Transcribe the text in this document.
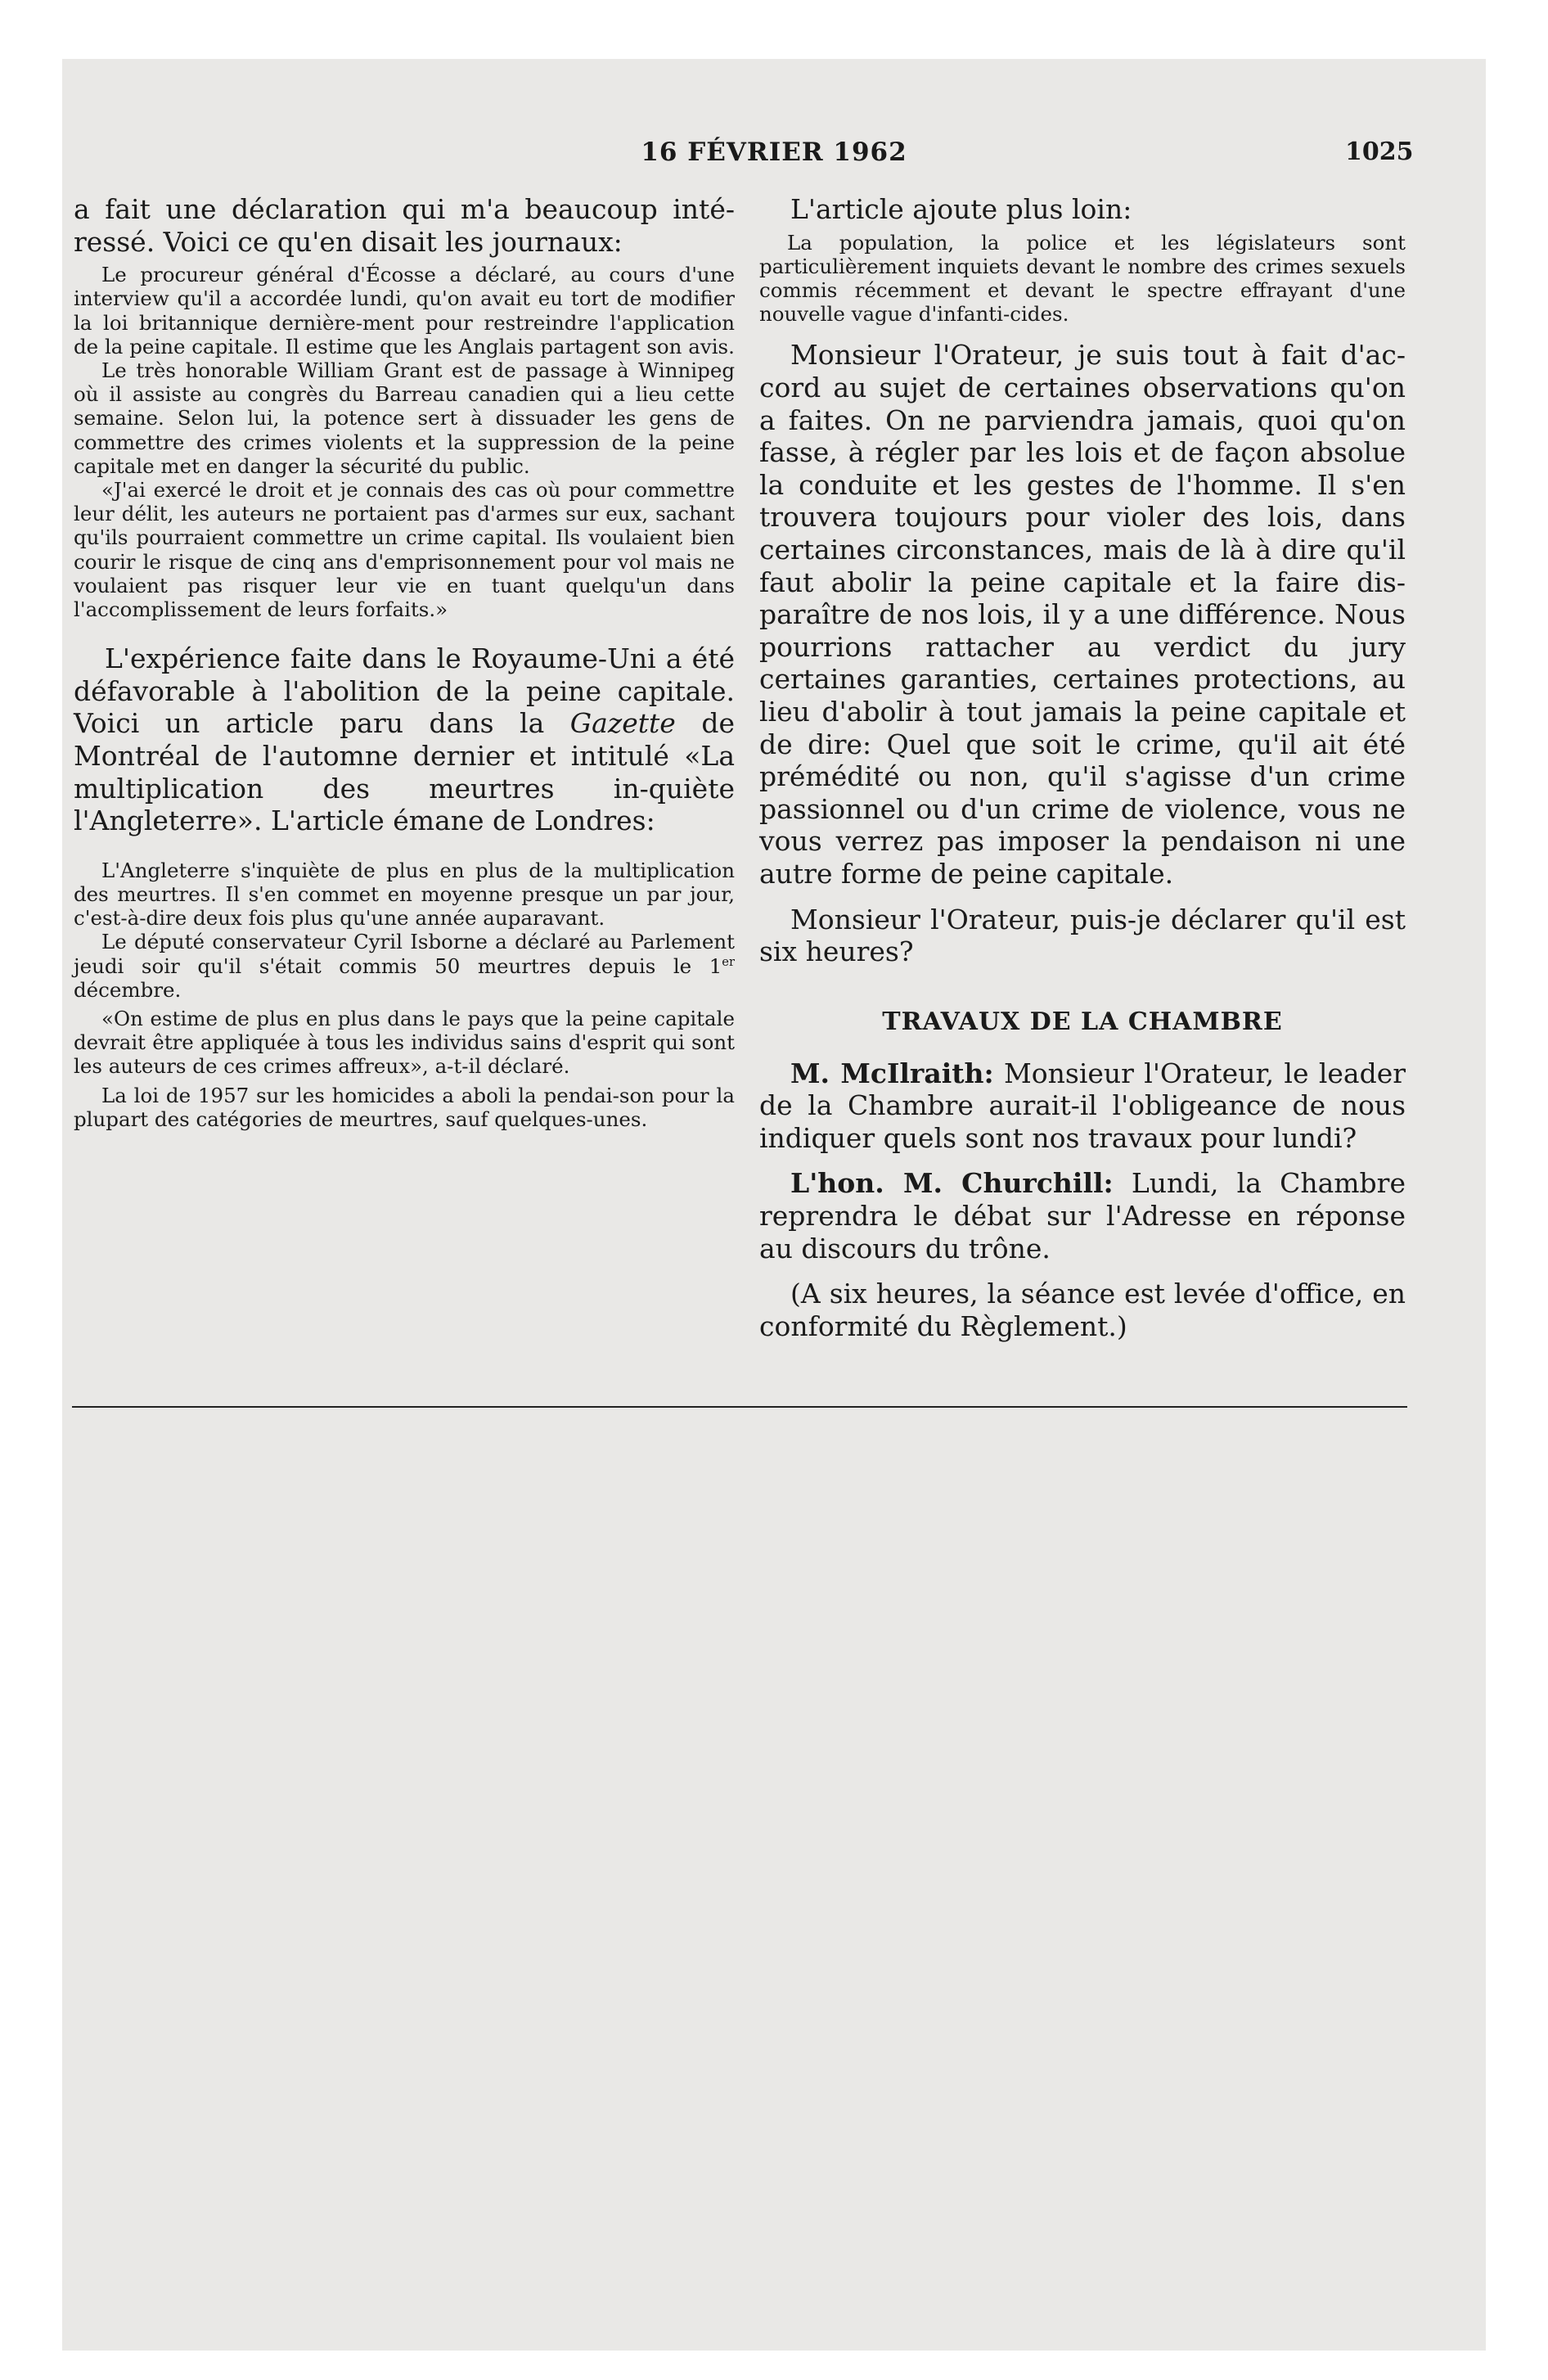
16 FÉVRIER 1962	1025

a fait une déclaration qui m'a beaucoup inté-ressé. Voici ce qu'en disait les journaux:

Le procureur général d'Écosse a déclaré, au cours d'une interview qu'il a accordée lundi, qu'on avait eu tort de modifier la loi britannique dernière-ment pour restreindre l'application de la peine capitale. Il estime que les Anglais partagent son avis.

Le très honorable William Grant est de passage à Winnipeg où il assiste au congrès du Barreau canadien qui a lieu cette semaine. Selon lui, la potence sert à dissuader les gens de commettre des crimes violents et la suppression de la peine capitale met en danger la sécurité du public.

«J'ai exercé le droit et je connais des cas où pour commettre leur délit, les auteurs ne portaient pas d'armes sur eux, sachant qu'ils pourraient commettre un crime capital. Ils voulaient bien courir le risque de cinq ans d'emprisonnement pour vol mais ne voulaient pas risquer leur vie en tuant quelqu'un dans l'accomplissement de leurs forfaits.»

L'expérience faite dans le Royaume-Uni a été défavorable à l'abolition de la peine capitale. Voici un article paru dans la Gazette de Montréal de l'automne dernier et intitulé «La multiplication des meurtres in-quiète l'Angleterre». L'article émane de Londres:

L'Angleterre s'inquiète de plus en plus de la multiplication des meurtres. Il s'en commet en moyenne presque un par jour, c'est-à-dire deux fois plus qu'une année auparavant.

Le député conservateur Cyril Isborne a déclaré au Parlement jeudi soir qu'il s'était commis 50 meurtres depuis le 1er décembre.

«On estime de plus en plus dans le pays que la peine capitale devrait être appliquée à tous les individus sains d'esprit qui sont les auteurs de ces crimes affreux», a-t-il déclaré.

La loi de 1957 sur les homicides a aboli la pendai-son pour la plupart des catégories de meurtres, sauf quelques-unes.

L'article ajoute plus loin:

La population, la police et les législateurs sont particulièrement inquiets devant le nombre des crimes sexuels commis récemment et devant le spectre effrayant d'une nouvelle vague d'infanti-cides.

Monsieur l'Orateur, je suis tout à fait d'ac-cord au sujet de certaines observations qu'on a faites. On ne parviendra jamais, quoi qu'on fasse, à régler par les lois et de façon absolue la conduite et les gestes de l'homme. Il s'en trouvera toujours pour violer des lois, dans certaines circonstances, mais de là à dire qu'il faut abolir la peine capitale et la faire dis-paraître de nos lois, il y a une différence. Nous pourrions rattacher au verdict du jury certaines garanties, certaines protections, au lieu d'abolir à tout jamais la peine capitale et de dire: Quel que soit le crime, qu'il ait été prémédité ou non, qu'il s'agisse d'un crime passionnel ou d'un crime de violence, vous ne vous verrez pas imposer la pendaison ni une autre forme de peine capitale.

Monsieur l'Orateur, puis-je déclarer qu'il est six heures?

TRAVAUX DE LA CHAMBRE

M. McIlraith: Monsieur l'Orateur, le leader de la Chambre aurait-il l'obligeance de nous indiquer quels sont nos travaux pour lundi?

L'hon. M. Churchill: Lundi, la Chambre reprendra le débat sur l'Adresse en réponse au discours du trône.

(A six heures, la séance est levée d'office, en conformité du Règlement.)
